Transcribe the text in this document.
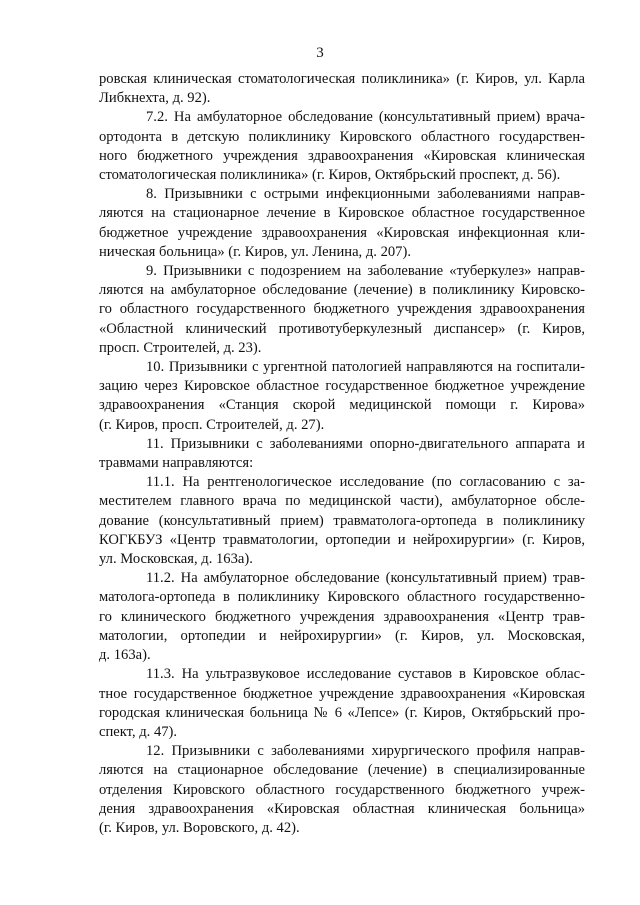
3
ровская клиническая стоматологическая поликлиника» (г. Киров, ул. Карла
Либкнехта, д. 92).
7.2. На амбулаторное обследование (консультативный прием) врача-
ортодонта в детскую поликлинику Кировского областного государствен-
ного бюджетного учреждения здравоохранения «Кировская клиническая
стоматологическая поликлиника» (г. Киров, Октябрьский проспект, д. 56).
8. Призывники с острыми инфекционными заболеваниями направ-
ляются на стационарное лечение в Кировское областное государственное
бюджетное учреждение здравоохранения «Кировская инфекционная кли-
ническая больница» (г. Киров, ул. Ленина, д. 207).
9. Призывники с подозрением на заболевание «туберкулез» направ-
ляются на амбулаторное обследование (лечение) в поликлинику Кировско-
го областного государственного бюджетного учреждения здравоохранения
«Областной клинический противотуберкулезный диспансер» (г. Киров,
просп. Строителей, д. 23).
10. Призывники с ургентной патологией направляются на госпитали-
зацию через Кировское областное государственное бюджетное учреждение
здравоохранения «Станция скорой медицинской помощи г. Кирова»
(г. Киров, просп. Строителей, д. 27).
11. Призывники с заболеваниями опорно-двигательного аппарата и
травмами направляются:
11.1. На рентгенологическое исследование (по согласованию с за-
местителем главного врача по медицинской части), амбулаторное обсле-
дование (консультативный прием) травматолога-ортопеда в поликлинику
КОГКБУЗ «Центр травматологии, ортопедии и нейрохирургии» (г. Киров,
ул. Московская, д. 163а).
11.2. На амбулаторное обследование (консультативный прием) трав-
матолога-ортопеда в поликлинику Кировского областного государственно-
го клинического бюджетного учреждения здравоохранения «Центр трав-
матологии, ортопедии и нейрохирургии» (г. Киров, ул. Московская,
д. 163а).
11.3. На ультразвуковое исследование суставов в Кировское облас-
тное государственное бюджетное учреждение здравоохранения «Кировская
городская клиническая больница № 6 «Лепсе» (г. Киров, Октябрьский про-
спект, д. 47).
12. Призывники с заболеваниями хирургического профиля направ-
ляются на стационарное обследование (лечение) в специализированные
отделения Кировского областного государственного бюджетного учреж-
дения здравоохранения «Кировская областная клиническая больница»
(г. Киров, ул. Воровского, д. 42).
